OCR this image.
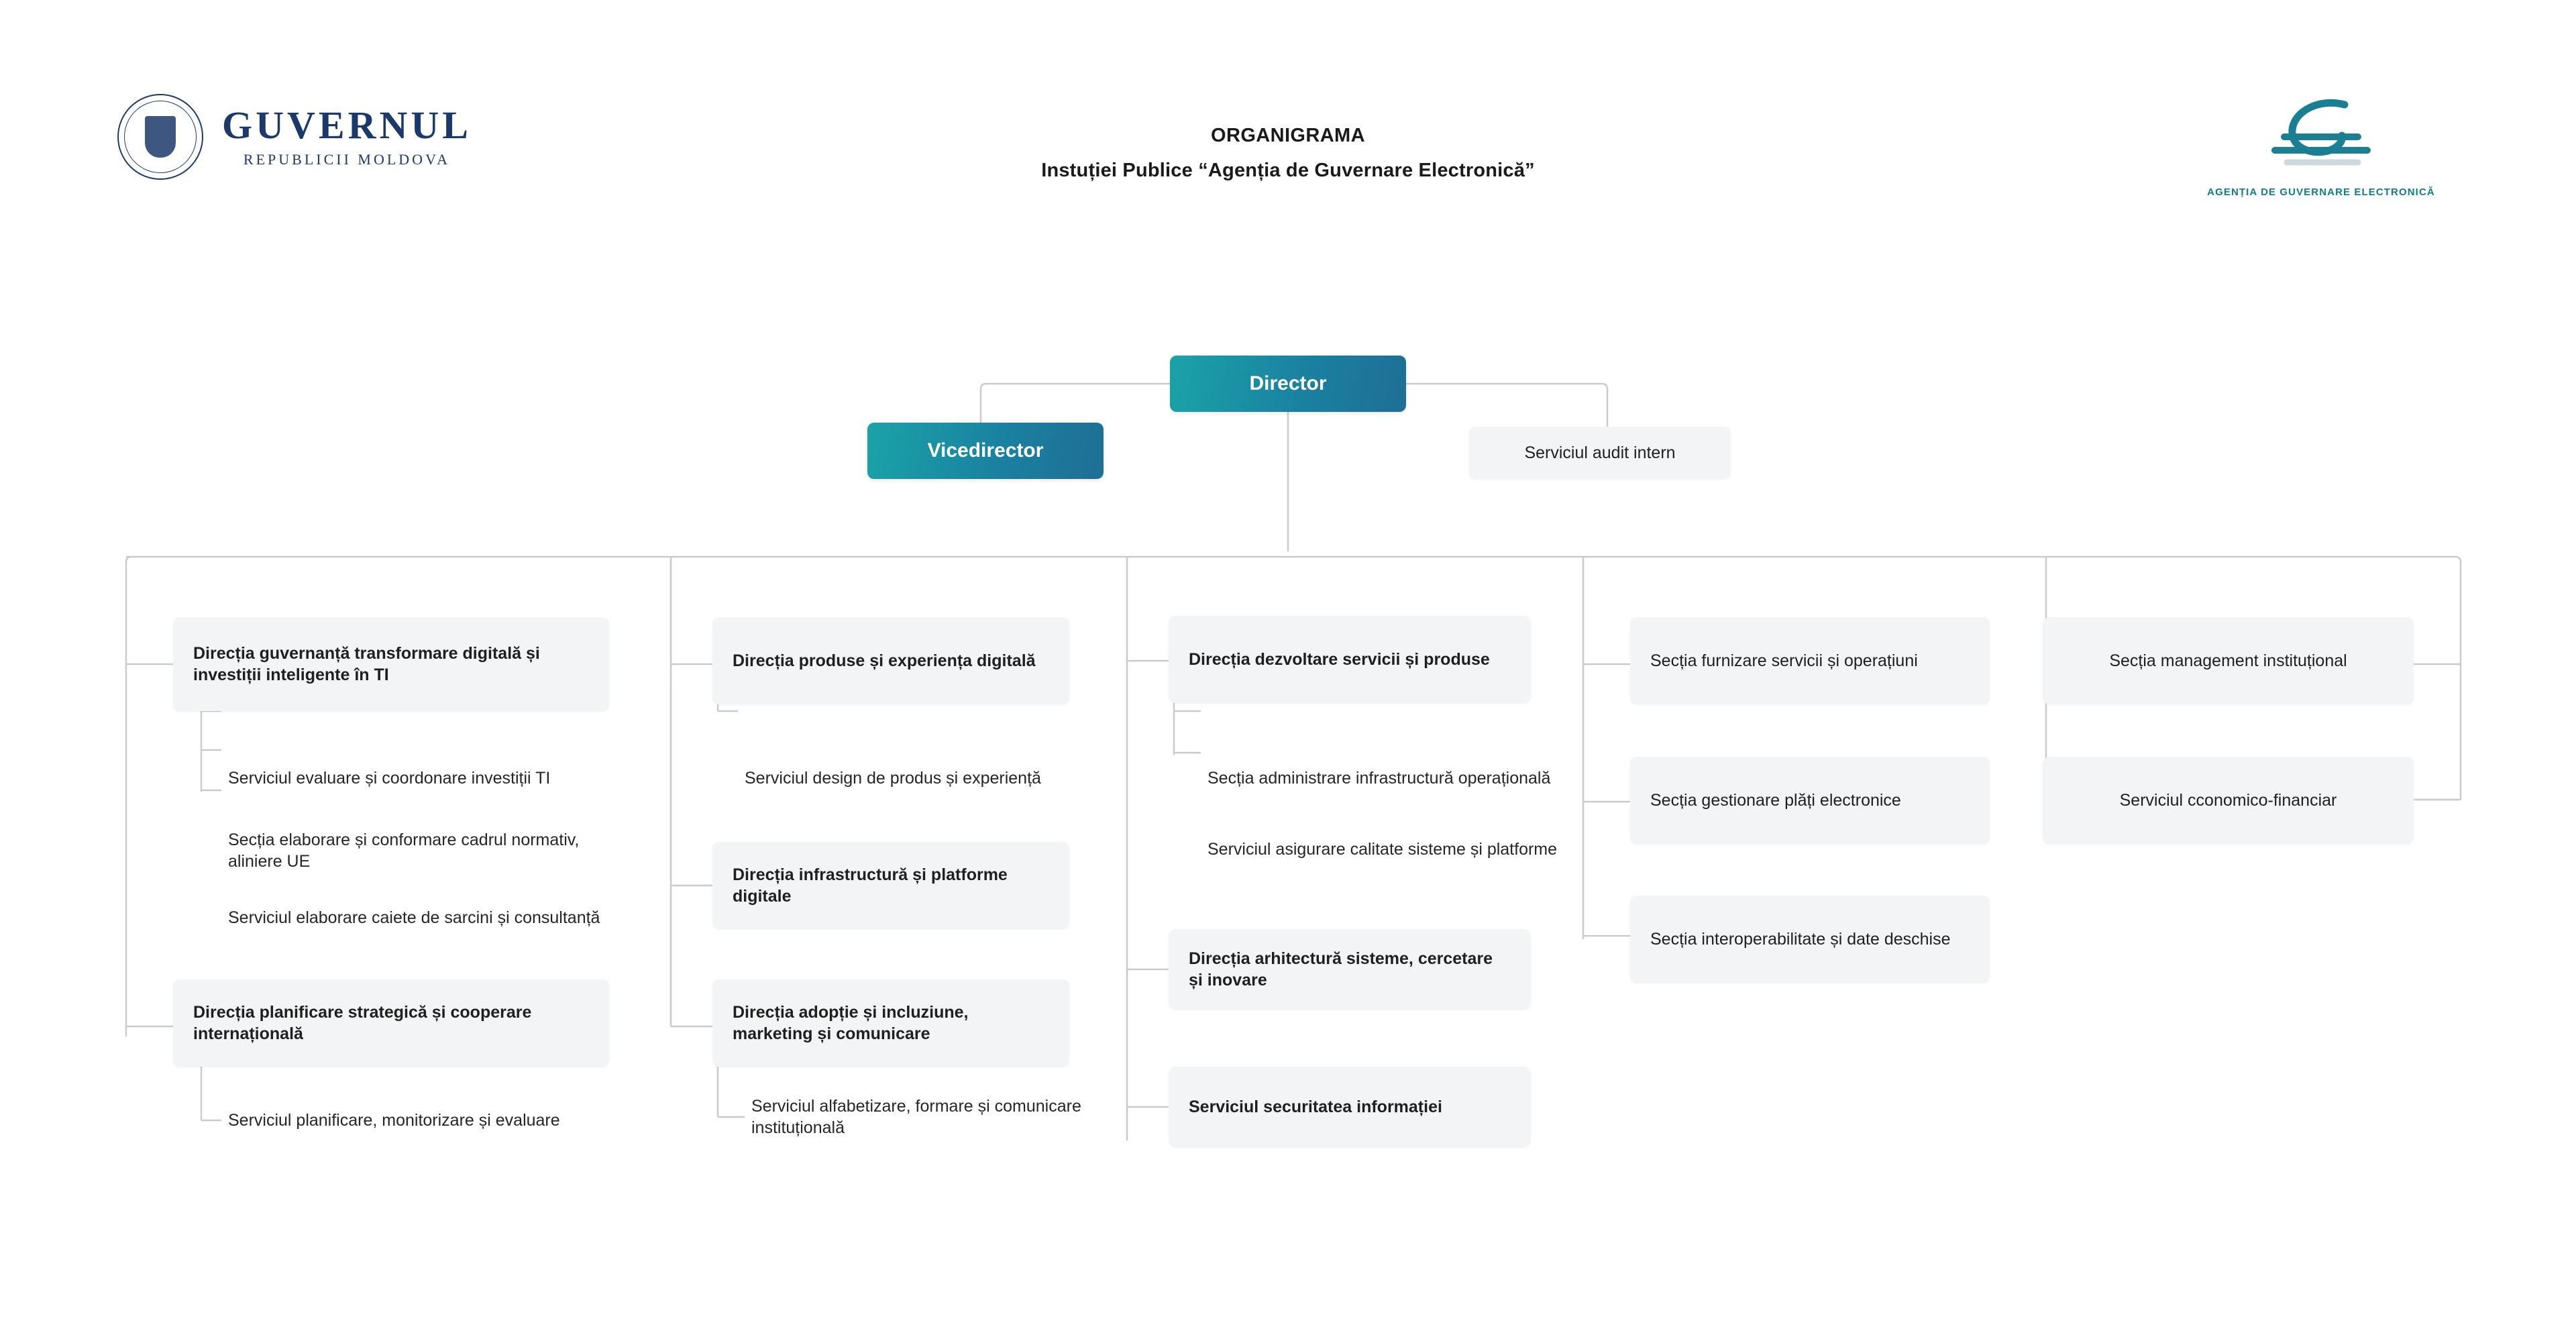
GUVERNUL
REPUBLICII MOLDOVA
ORGANIGRAMA
Instuției Publice “Agenția de Guvernare Electronică”
AGENȚIA DE GUVERNARE ELECTRONICĂ
Director
Vicedirector	Serviciul audit intern
Direcția guvernanță transformare digitală și investiții inteligente în TI
Serviciul evaluare și coordonare investiții TI
Secția elaborare și conformare cadrul normativ, aliniere UE
Serviciul elaborare caiete de sarcini și consultanță
Direcția planificare strategică și cooperare internațională
Serviciul planificare, monitorizare și evaluare
Direcția produse și experiența digitală
Serviciul design de produs și experiență
Direcția infrastructură și platforme digitale
Direcția adopție și incluziune, marketing și comunicare
Serviciul alfabetizare, formare și comunicare instituțională
Direcția dezvoltare servicii și produse
Secția administrare infrastructură operațională
Serviciul asigurare calitate sisteme și platforme
Direcția arhitectură sisteme, cercetare și inovare
Serviciul securitatea informației
Secția furnizare servicii și operațiuni
Secția gestionare plăți electronice
Secția interoperabilitate și date deschise
Secția management instituțional
Serviciul cconomico-financiar
